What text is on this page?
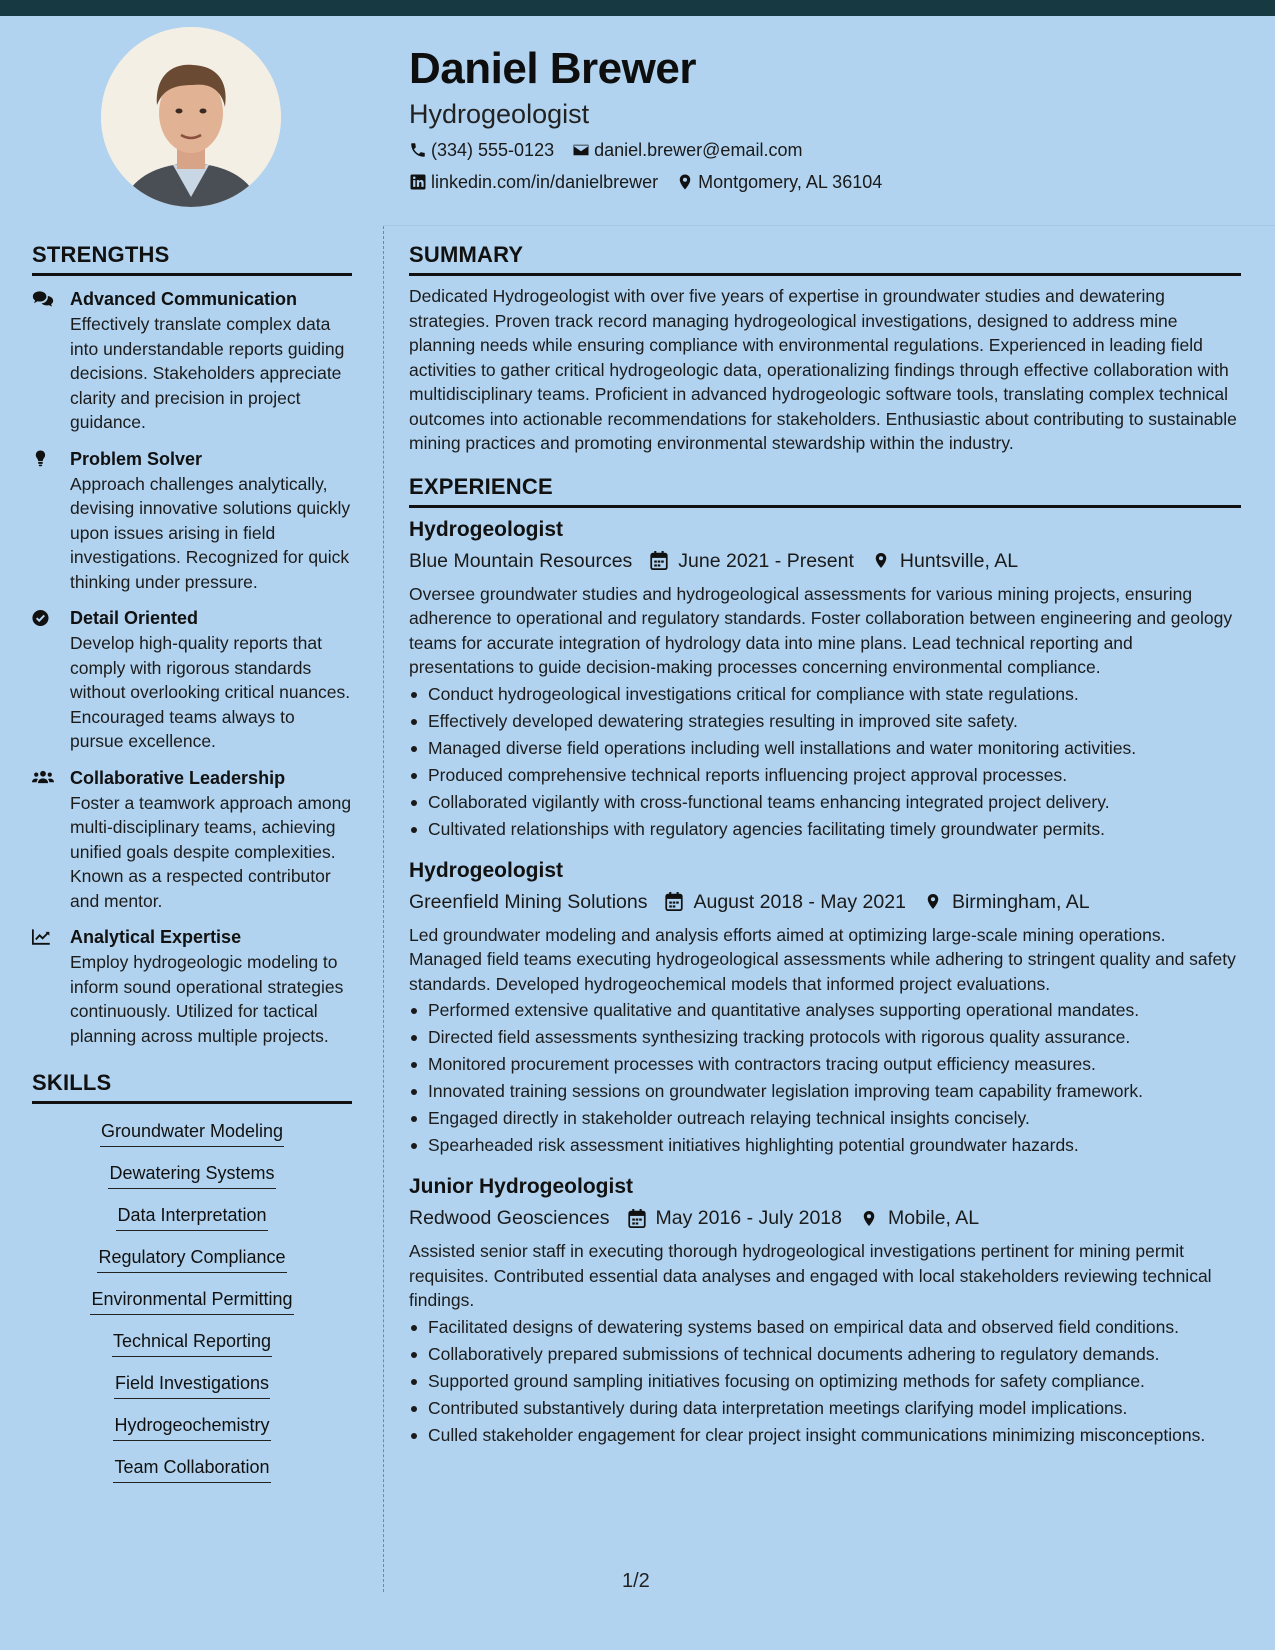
Daniel Brewer
Hydrogeologist
(334) 555-0123 daniel.brewer@email.com
linkedin.com/in/danielbrewer Montgomery, AL 36104
STRENGTHS
Advanced Communication
Effectively translate complex data into understandable reports guiding decisions. Stakeholders appreciate clarity and precision in project guidance.
Problem Solver
Approach challenges analytically, devising innovative solutions quickly upon issues arising in field investigations. Recognized for quick thinking under pressure.
Detail Oriented
Develop high-quality reports that comply with rigorous standards without overlooking critical nuances. Encouraged teams always to pursue excellence.
Collaborative Leadership
Foster a teamwork approach among multi-disciplinary teams, achieving unified goals despite complexities. Known as a respected contributor and mentor.
Analytical Expertise
Employ hydrogeologic modeling to inform sound operational strategies continuously. Utilized for tactical planning across multiple projects.
SKILLS
Groundwater Modeling
Dewatering Systems
Data Interpretation
Regulatory Compliance
Environmental Permitting
Technical Reporting
Field Investigations
Hydrogeochemistry
Team Collaboration
SUMMARY
Dedicated Hydrogeologist with over five years of expertise in groundwater studies and dewatering strategies. Proven track record managing hydrogeological investigations, designed to address mine planning needs while ensuring compliance with environmental regulations. Experienced in leading field activities to gather critical hydrogeologic data, operationalizing findings through effective collaboration with multidisciplinary teams. Proficient in advanced hydrogeologic software tools, translating complex technical outcomes into actionable recommendations for stakeholders. Enthusiastic about contributing to sustainable mining practices and promoting environmental stewardship within the industry.
EXPERIENCE
Hydrogeologist
Blue Mountain Resources June 2021 - Present Huntsville, AL
Oversee groundwater studies and hydrogeological assessments for various mining projects, ensuring adherence to operational and regulatory standards. Foster collaboration between engineering and geology teams for accurate integration of hydrology data into mine plans. Lead technical reporting and presentations to guide decision-making processes concerning environmental compliance.
Conduct hydrogeological investigations critical for compliance with state regulations.
Effectively developed dewatering strategies resulting in improved site safety.
Managed diverse field operations including well installations and water monitoring activities.
Produced comprehensive technical reports influencing project approval processes.
Collaborated vigilantly with cross-functional teams enhancing integrated project delivery.
Cultivated relationships with regulatory agencies facilitating timely groundwater permits.
Hydrogeologist
Greenfield Mining Solutions August 2018 - May 2021 Birmingham, AL
Led groundwater modeling and analysis efforts aimed at optimizing large-scale mining operations. Managed field teams executing hydrogeological assessments while adhering to stringent quality and safety standards. Developed hydrogeochemical models that informed project evaluations.
Performed extensive qualitative and quantitative analyses supporting operational mandates.
Directed field assessments synthesizing tracking protocols with rigorous quality assurance.
Monitored procurement processes with contractors tracing output efficiency measures.
Innovated training sessions on groundwater legislation improving team capability framework.
Engaged directly in stakeholder outreach relaying technical insights concisely.
Spearheaded risk assessment initiatives highlighting potential groundwater hazards.
Junior Hydrogeologist
Redwood Geosciences May 2016 - July 2018 Mobile, AL
Assisted senior staff in executing thorough hydrogeological investigations pertinent for mining permit requisites. Contributed essential data analyses and engaged with local stakeholders reviewing technical findings.
Facilitated designs of dewatering systems based on empirical data and observed field conditions.
Collaboratively prepared submissions of technical documents adhering to regulatory demands.
Supported ground sampling initiatives focusing on optimizing methods for safety compliance.
Contributed substantively during data interpretation meetings clarifying model implications.
Culled stakeholder engagement for clear project insight communications minimizing misconceptions.
1/2
